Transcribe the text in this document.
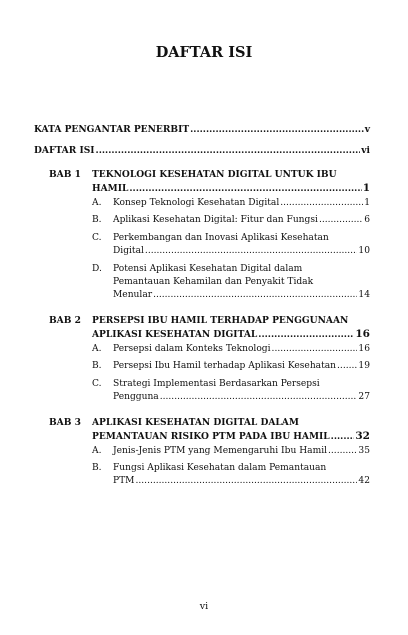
DAFTAR ISI
KATA PENGANTAR PENERBIT .....	v
DAFTAR ISI .....	vi
BAB 1 TEKNOLOGI KESEHATAN DIGITAL UNTUK IBU
HAMIL .....	1
A. Konsep Teknologi Kesehatan Digital .....	1
B. Aplikasi Kesehatan Digital: Fitur dan Fungsi .....	6
C. Perkembangan dan Inovasi Aplikasi Kesehatan
Digital .....	10
D. Potensi Aplikasi Kesehatan Digital dalam
Pemantauan Kehamilan dan Penyakit Tidak
Menular .....	14
BAB 2 PERSEPSI IBU HAMIL TERHADAP PENGGUNAAN
APLIKASI KESEHATAN DIGITAL .....	16
A. Persepsi dalam Konteks Teknologi .....	16
B. Persepsi Ibu Hamil terhadap Aplikasi Kesehatan ..... 19
C. Strategi Implementasi Berdasarkan Persepsi
Pengguna .....	27
BAB 3 APLIKASI KESEHATAN DIGITAL DALAM
PEMANTAUAN RISIKO PTM PADA IBU HAMIL ..... 32
A. Jenis-Jenis PTM yang Memengaruhi Ibu Hamil .....	35
B. Fungsi Aplikasi Kesehatan dalam Pemantauan
PTM .....	42
vi
